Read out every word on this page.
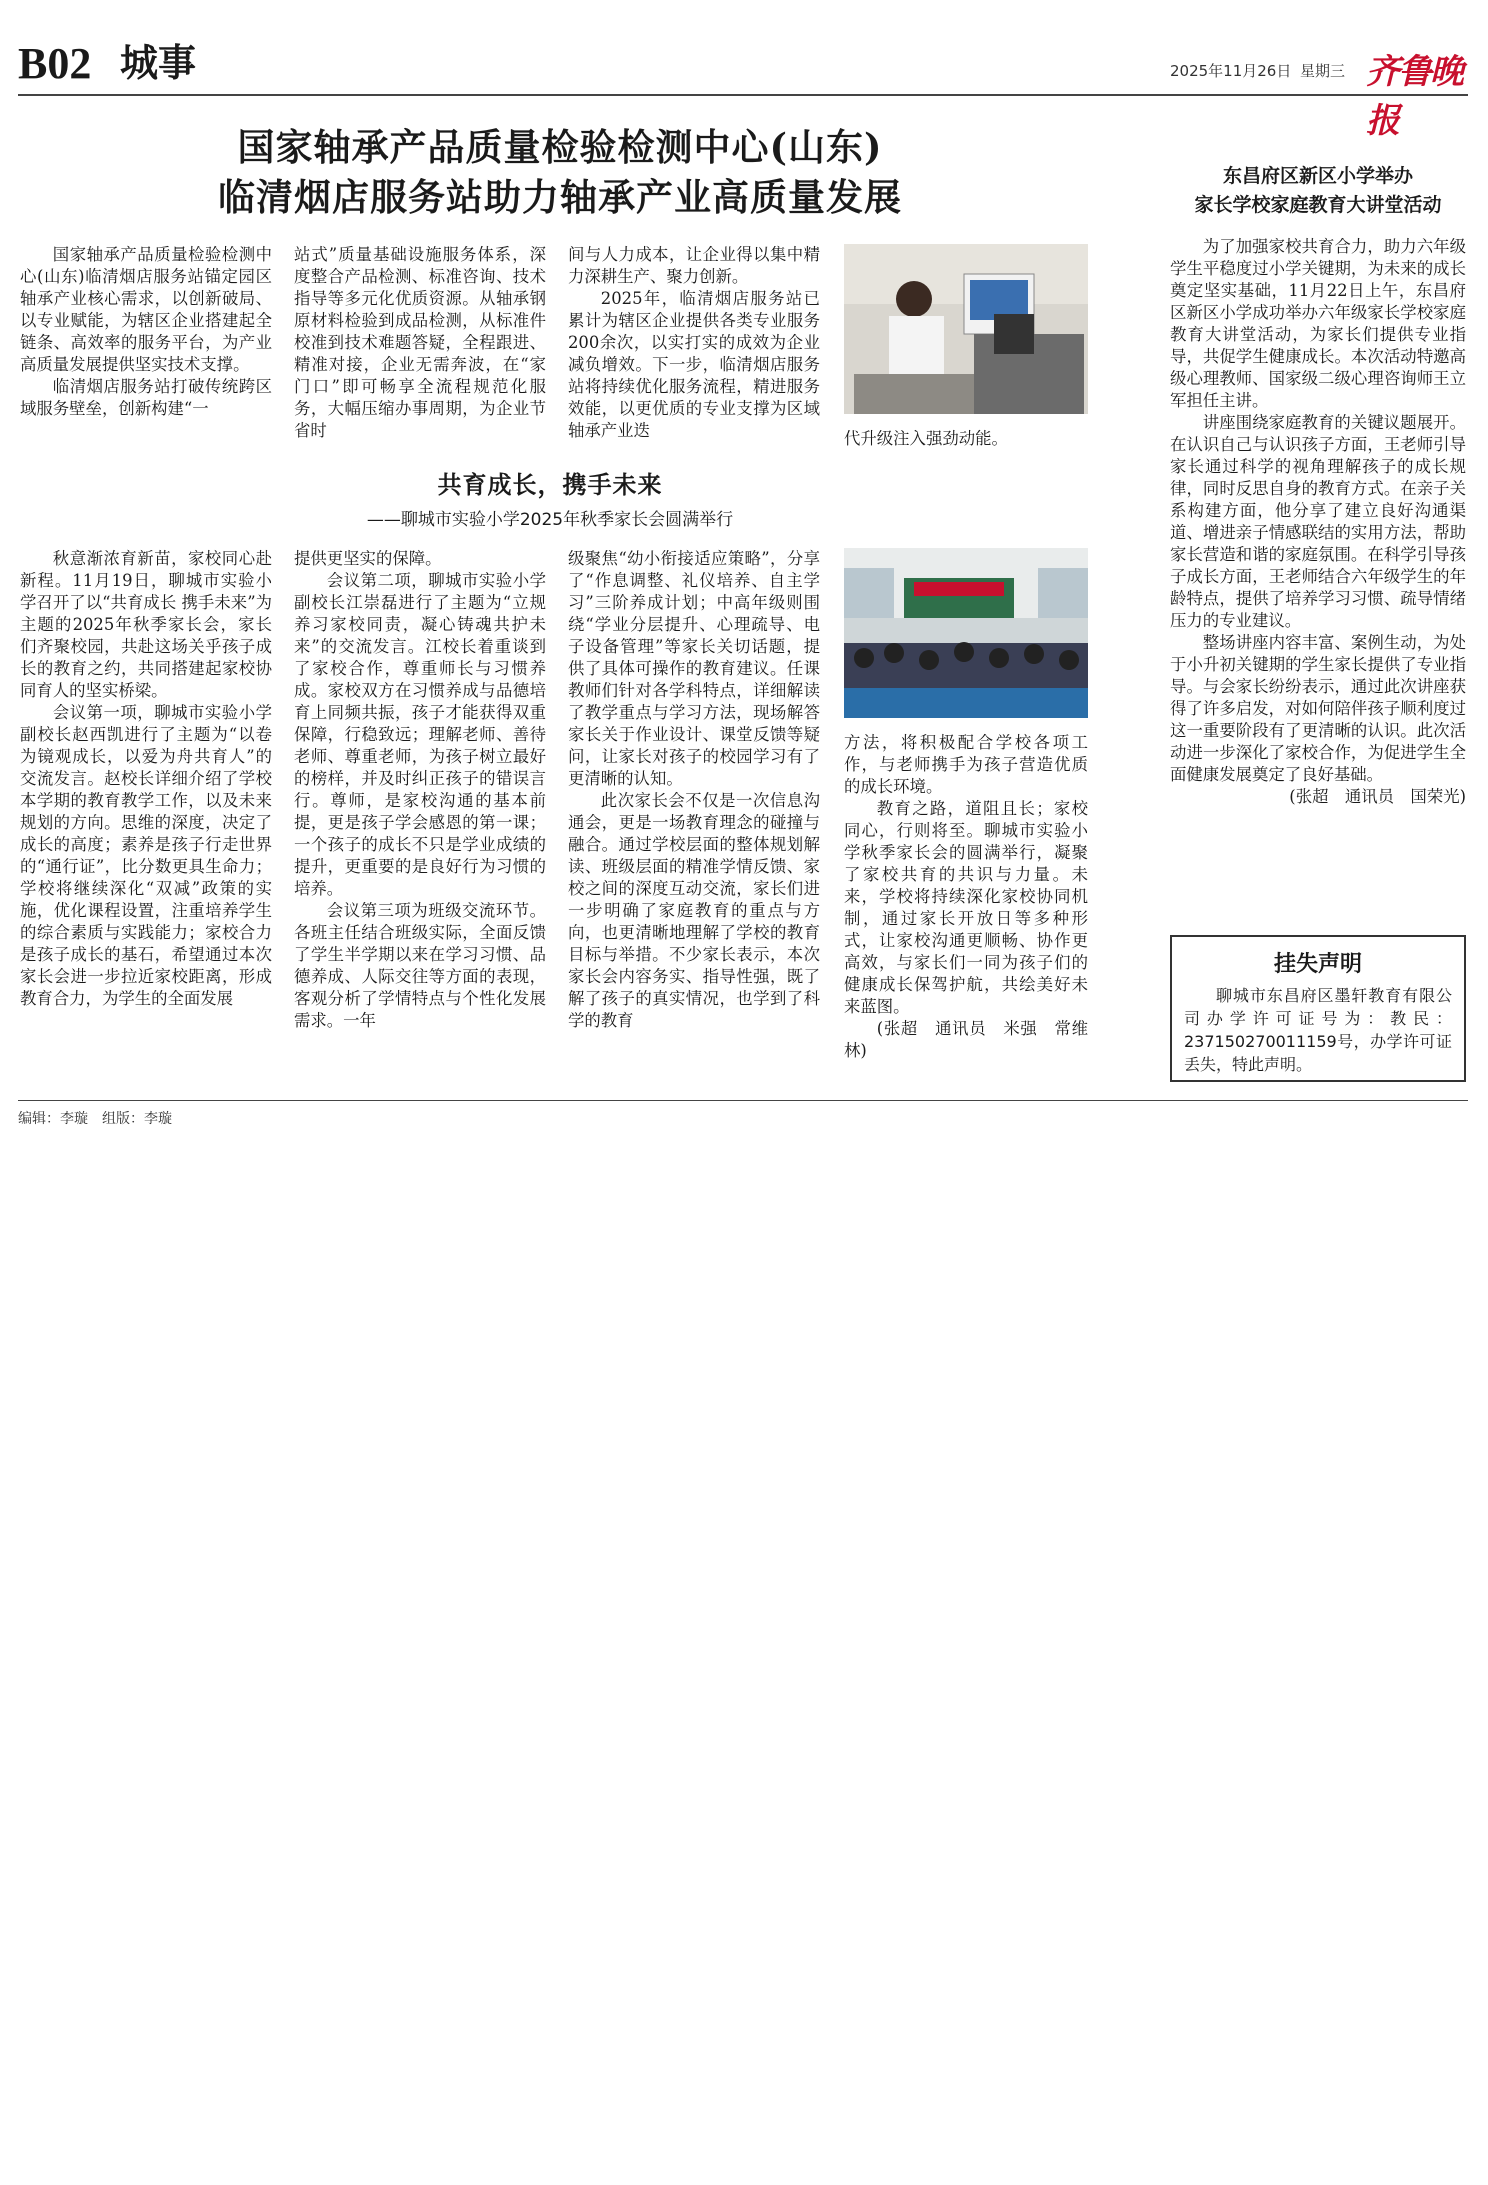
B02 城事	2025年11月26日 星期三 齐鲁晚报
国家轴承产品质量检验检测中心(山东)
临清烟店服务站助力轴承产业高质量发展

国家轴承产品质量检验检测中心(山东)临清烟店服务站锚定园区轴承产业核心需求，以创新破局、以专业赋能，为辖区企业搭建起全链条、高效率的服务平台，为产业高质量发展提供坚实技术支撑。

临清烟店服务站打破传统跨区域服务壁垒，创新构建“一

站式”质量基础设施服务体系，深度整合产品检测、标准咨询、技术指导等多元化优质资源。从轴承钢原材料检验到成品检测，从标准件校准到技术难题答疑，全程跟进、精准对接，企业无需奔波，在“家门口”即可畅享全流程规范化服务，大幅压缩办事周期，为企业节省时

间与人力成本，让企业得以集中精力深耕生产、聚力创新。

2025年，临清烟店服务站已累计为辖区企业提供各类专业服务200余次，以实打实的成效为企业减负增效。下一步，临清烟店服务站将持续优化服务流程，精进服务效能，以更优质的专业支撑为区域轴承产业迭	代升级注入强劲动能。
共育成长，携手未来
——聊城市实验小学2025年秋季家长会圆满举行

秋意渐浓育新苗，家校同心赴新程。11月19日，聊城市实验小学召开了以“共育成长 携手未来”为主题的2025年秋季家长会，家长们齐聚校园，共赴这场关乎孩子成长的教育之约，共同搭建起家校协同育人的坚实桥梁。

会议第一项，聊城市实验小学副校长赵西凯进行了主题为“以卷为镜观成长，以爱为舟共育人”的交流发言。赵校长详细介绍了学校本学期的教育教学工作，以及未来规划的方向。思维的深度，决定了成长的高度；素养是孩子行走世界的“通行证”，比分数更具生命力；学校将继续深化“双减”政策的实施，优化课程设置，注重培养学生的综合素质与实践能力；家校合力是孩子成长的基石，希望通过本次家长会进一步拉近家校距离，形成教育合力，为学生的全面发展

提供更坚实的保障。

会议第二项，聊城市实验小学副校长江崇磊进行了主题为“立规养习家校同责，凝心铸魂共护未来”的交流发言。江校长着重谈到了家校合作，尊重师长与习惯养成。家校双方在习惯养成与品德培育上同频共振，孩子才能获得双重保障，行稳致远；理解老师、善待老师、尊重老师，为孩子树立最好的榜样，并及时纠正孩子的错误言行。尊师，是家校沟通的基本前提，更是孩子学会感恩的第一课；一个孩子的成长不只是学业成绩的提升，更重要的是良好行为习惯的培养。

会议第三项为班级交流环节。各班主任结合班级实际，全面反馈了学生半学期以来在学习习惯、品德养成、人际交往等方面的表现，客观分析了学情特点与个性化发展需求。一年

级聚焦“幼小衔接适应策略”，分享了“作息调整、礼仪培养、自主学习”三阶养成计划；中高年级则围绕“学业分层提升、心理疏导、电子设备管理”等家长关切话题，提供了具体可操作的教育建议。任课教师们针对各学科特点，详细解读了教学重点与学习方法，现场解答家长关于作业设计、课堂反馈等疑问，让家长对孩子的校园学习有了更清晰的认知。

此次家长会不仅是一次信息沟通会，更是一场教育理念的碰撞与融合。通过学校层面的整体规划解读、班级层面的精准学情反馈、家校之间的深度互动交流，家长们进一步明确了家庭教育的重点与方向，也更清晰地理解了学校的教育目标与举措。不少家长表示，本次家长会内容务实、指导性强，既了解了孩子的真实情况，也学到了科学的教育

方法，将积极配合学校各项工作，与老师携手为孩子营造优质的成长环境。

教育之路，道阻且长；家校同心，行则将至。聊城市实验小学秋季家长会的圆满举行，凝聚了家校共育的共识与力量。未来，学校将持续深化家校协同机制，通过家长开放日等多种形式，让家校沟通更顺畅、协作更高效，与家长们一同为孩子们的健康成长保驾护航，共绘美好未来蓝图。

(张超　通讯员　米强　常维林)

东昌府区新区小学举办
家长学校家庭教育大讲堂活动

为了加强家校共育合力，助力六年级学生平稳度过小学关键期，为未来的成长奠定坚实基础，11月22日上午，东昌府区新区小学成功举办六年级家长学校家庭教育大讲堂活动，为家长们提供专业指导，共促学生健康成长。本次活动特邀高级心理教师、国家级二级心理咨询师王立军担任主讲。

讲座围绕家庭教育的关键议题展开。在认识自己与认识孩子方面，王老师引导家长通过科学的视角理解孩子的成长规律，同时反思自身的教育方式。在亲子关系构建方面，他分享了建立良好沟通渠道、增进亲子情感联结的实用方法，帮助家长营造和谐的家庭氛围。在科学引导孩子成长方面，王老师结合六年级学生的年龄特点，提供了培养学习习惯、疏导情绪压力的专业建议。

整场讲座内容丰富、案例生动，为处于小升初关键期的学生家长提供了专业指导。与会家长纷纷表示，通过此次讲座获得了许多启发，对如何陪伴孩子顺利度过这一重要阶段有了更清晰的认识。此次活动进一步深化了家校合作，为促进学生全面健康发展奠定了良好基础。

(张超　通讯员　国荣光)

挂失声明
聊城市东昌府区墨轩教育有限公司办学许可证号为：教民：237150270011159号，办学许可证丢失，特此声明。
编辑：李璇　组版：李璇
